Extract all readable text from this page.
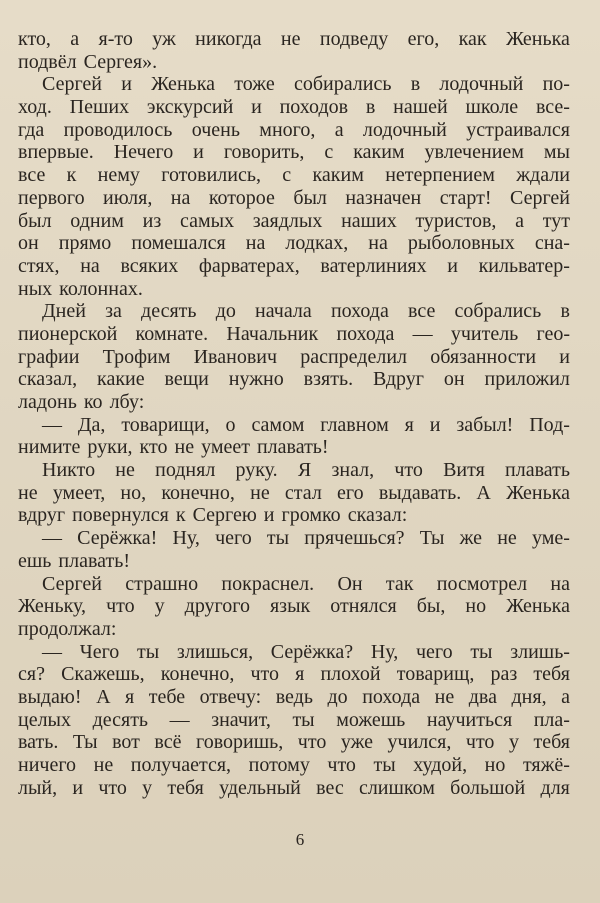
кто, а я-то уж никогда не подведу его, как Женька
подвёл Сергея».
Сергей и Женька тоже собирались в лодочный по-
ход. Пеших экскурсий и походов в нашей школе все-
гда проводилось очень много, а лодочный устраивался
впервые. Нечего и говорить, с каким увлечением мы
все к нему готовились, с каким нетерпением ждали
первого июля, на которое был назначен старт! Сергей
был одним из самых заядлых наших туристов, а тут
он прямо помешался на лодках, на рыболовных сна-
стях, на всяких фарватерах, ватерлиниях и кильватер-
ных колоннах.
Дней за десять до начала похода все собрались в
пионерской комнате. Начальник похода — учитель гео-
графии Трофим Иванович распределил обязанности и
сказал, какие вещи нужно взять. Вдруг он приложил
ладонь ко лбу:
— Да, товарищи, о самом главном я и забыл! Под-
нимите руки, кто не умеет плавать!
Никто не поднял руку. Я знал, что Витя плавать
не умеет, но, конечно, не стал его выдавать. А Женька
вдруг повернулся к Сергею и громко сказал:
— Серёжка! Ну, чего ты прячешься? Ты же не уме-
ешь плавать!
Сергей страшно покраснел. Он так посмотрел на
Женьку, что у другого язык отнялся бы, но Женька
продолжал:
— Чего ты злишься, Серёжка? Ну, чего ты злишь-
ся? Скажешь, конечно, что я плохой товарищ, раз тебя
выдаю! А я тебе отвечу: ведь до похода не два дня, а
целых десять — значит, ты можешь научиться пла-
вать. Ты вот всё говоришь, что уже учился, что у тебя
ничего не получается, потому что ты худой, но тяжё-
лый, и что у тебя удельный вес слишком большой для
6
